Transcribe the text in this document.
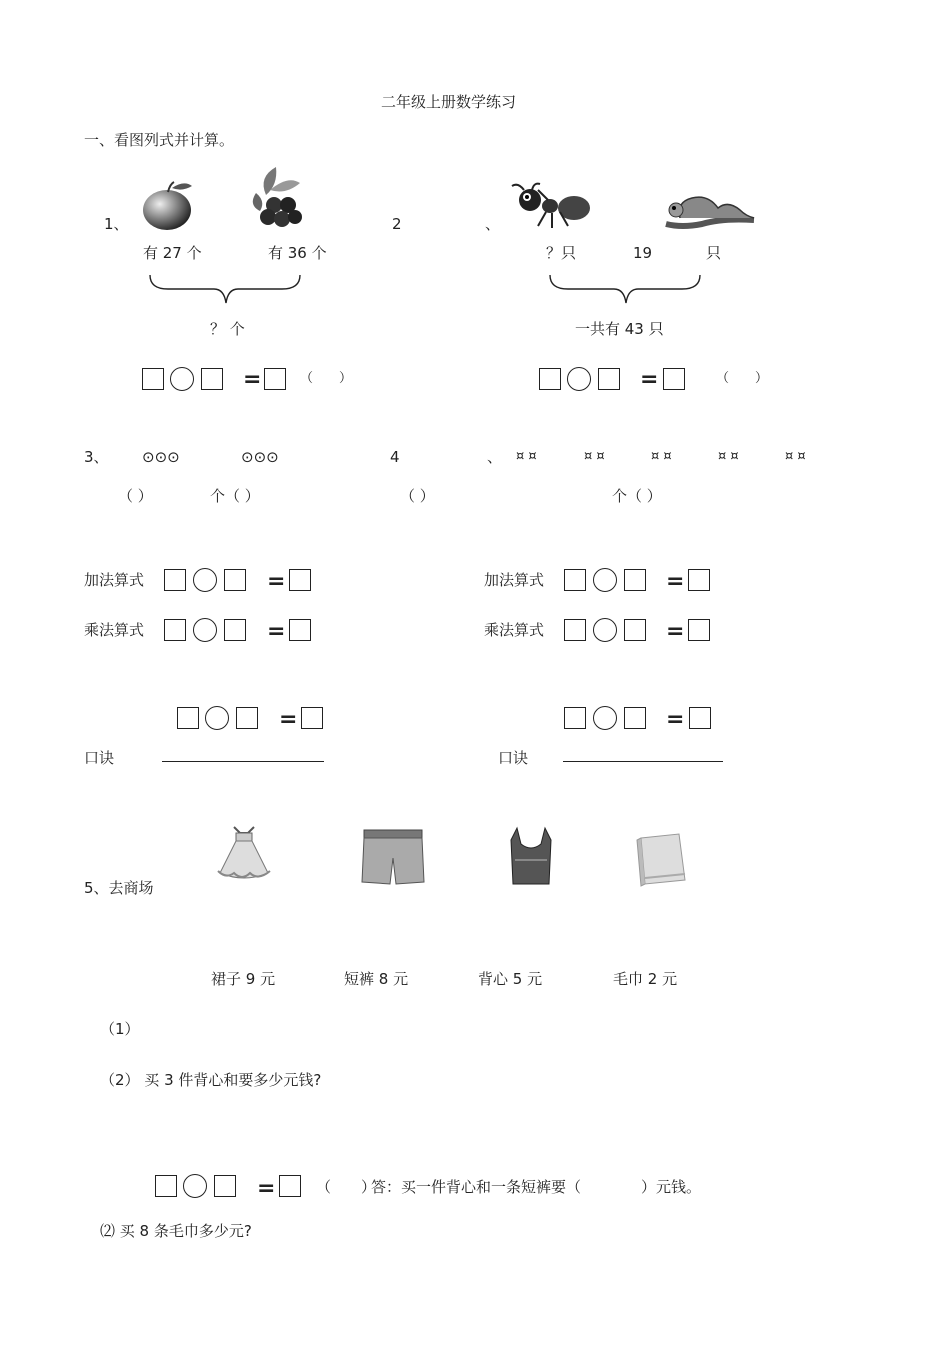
二年级上册数学练习
一、看图列式并计算。
1、
有 27 个	有 36 个
？ 个
=	（　　）
2	、
？只	19	只
一共有 43 只
=	（　　）
3、 ⊙⊙⊙	⊙⊙⊙
（ ）	个（ ）
4	、 ¤ ¤	¤ ¤	¤ ¤	¤ ¤	¤ ¤
（ ）	个（ ）
加法算式	=
乘法算式	=
加法算式	=
乘法算式	=
=
口诀
=
口诀
5、去商场
裙子 9 元	短裤 8 元	背心 5 元	毛巾 2 元
（1）
（2） 买 3 件背心和要多少元钱?
=	（　　）
答：买一件背心和一条短裤要（　　　　）元钱。
⑵ 买 8 条毛巾多少元?
